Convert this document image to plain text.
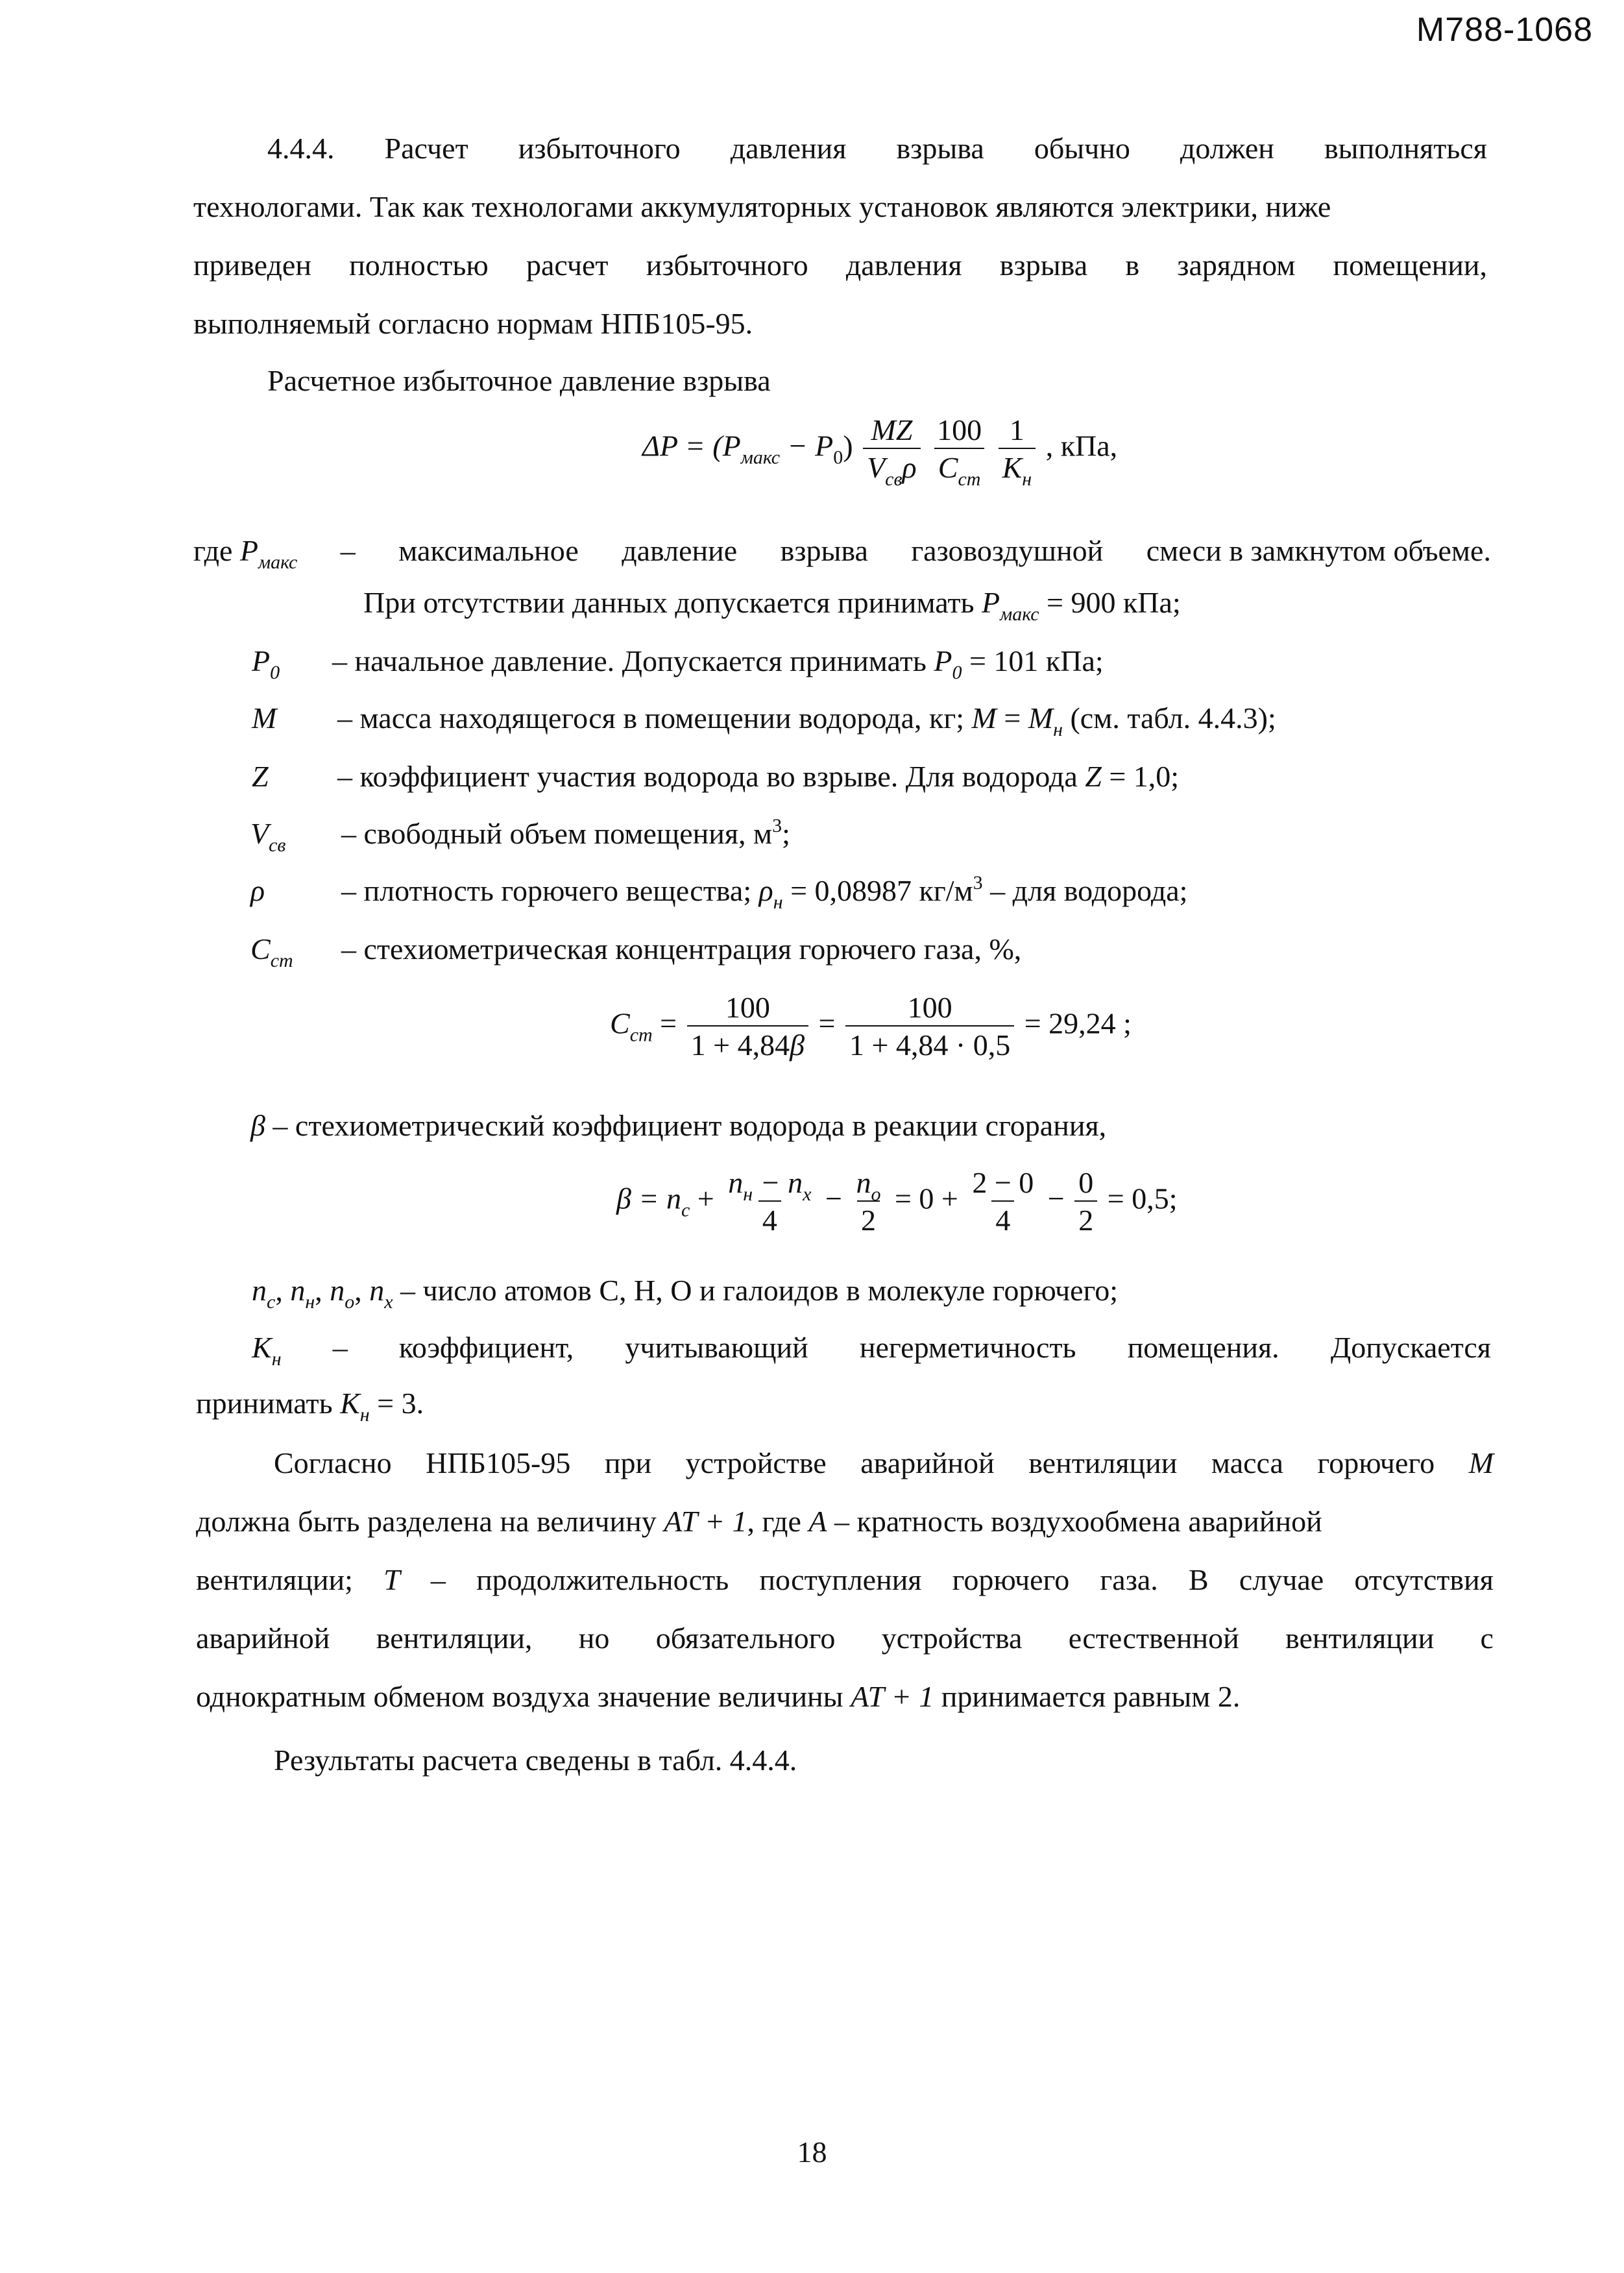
М788-1068
4.4.4. Расчет избыточного давления взрыва обычно должен выполняться
технологами. Так как технологами аккумуляторных установок являются электрики, ниже
приведен полностью расчет избыточного давления взрыва в зарядном помещении,
выполняемый согласно нормам НПБ105-95.
Расчетное избыточное давление взрыва
$\Delta P = (P_{макс} - P_0) \frac{MZ}{V_{св}\rho}$
$\frac{100}{C_{ст}}$
$\frac{1}{K_н}$ , кПа,
где $P_{макс}$ – максимальное давление взрыва газовоздушной смеси в замкнутом объеме.
При отсутствии данных допускается принимать $P_{макс} = 900$ кПа;
$P_0$ – начальное давление. Допускается принимать $P_0 = 101$ кПа;
M – масса находящегося в помещении водорода, кг; $M = M_н$ (см. табл. 4.4.3);
Z – коэффициент участия водорода во взрыве. Для водорода Z = 1,0;
$V_{св}$ – свободный объем помещения, $м^3$;
ρ	– плотность горючего вещества; $\rho_н = 0,08987$ $кг/м^3$ – для водорода;
$C_{ст}$ – стехиометрическая концентрация горючего газа, %,
$C_{ст} = \frac{100}{1 + 4,84\beta} = \frac{100}{1 + 4,84 \cdot 0,5} = 29,24$ ;
β – стехиометрический коэффициент водорода в реакции сгорания,
$\beta = n_c + \frac{n_н - n_x}{4} - \frac{n_o}{2} = 0 + \frac{2 - 0}{4} - \frac{0}{2} = 0,5$;
$n_c$, $n_н$, $n_o$, $n_x$ – число атомов С, Н, О и галоидов в молекуле горючего;
$K_н$ – коэффициент, учитывающий негерметичность помещения. Допускается
принимать $K_н = 3$.
Согласно НПБ105-95 при устройстве аварийной вентиляции масса горючего M
должна быть разделена на величину AT + 1, где A – кратность воздухообмена аварийной
вентиляции; T – продолжительность поступления горючего газа. В случае отсутствия
аварийной вентиляции, но обязательного устройства естественной вентиляции с
однократным обменом воздуха значение величины AT + 1 принимается равным 2.
Результаты расчета сведены в табл. 4.4.4.
18
